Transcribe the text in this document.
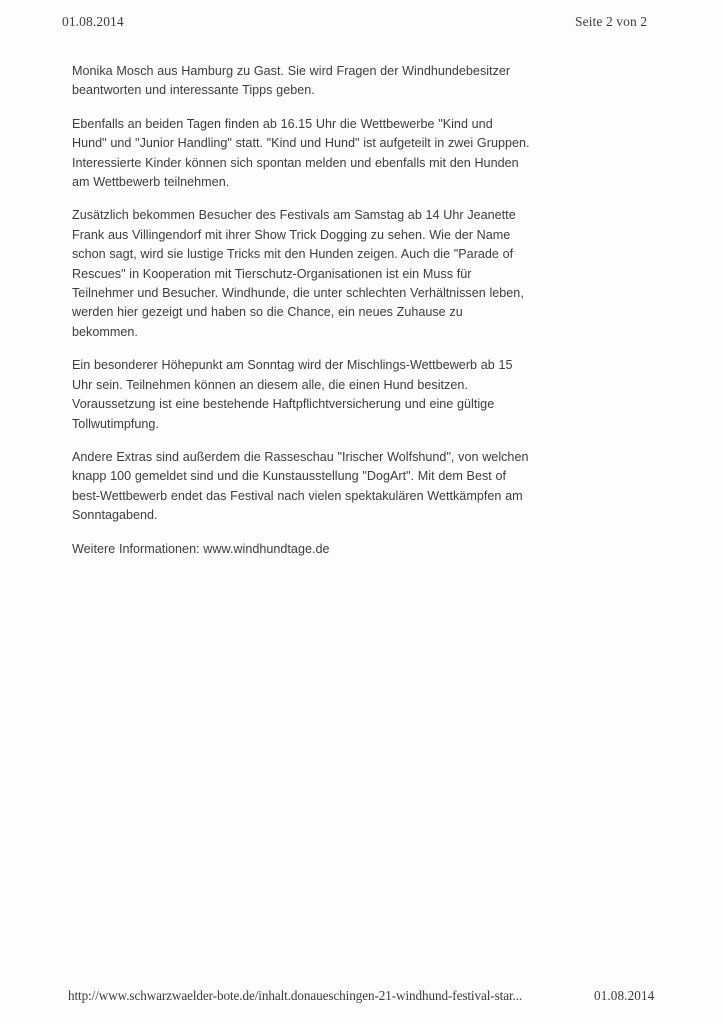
01.08.2014	Seite 2 von 2

Monika Mosch aus Hamburg zu Gast. Sie wird Fragen der Windhundebesitzer beantworten und interessante Tipps geben.

Ebenfalls an beiden Tagen finden ab 16.15 Uhr die Wettbewerbe "Kind und Hund" und "Junior Handling" statt. "Kind und Hund" ist aufgeteilt in zwei Gruppen. Interessierte Kinder können sich spontan melden und ebenfalls mit den Hunden am Wettbewerb teilnehmen.

Zusätzlich bekommen Besucher des Festivals am Samstag ab 14 Uhr Jeanette Frank aus Villingendorf mit ihrer Show Trick Dogging zu sehen. Wie der Name schon sagt, wird sie lustige Tricks mit den Hunden zeigen. Auch die "Parade of Rescues" in Kooperation mit Tierschutz-Organisationen ist ein Muss für Teilnehmer und Besucher. Windhunde, die unter schlechten Verhältnissen leben, werden hier gezeigt und haben so die Chance, ein neues Zuhause zu bekommen.

Ein besonderer Höhepunkt am Sonntag wird der Mischlings-Wettbewerb ab 15 Uhr sein. Teilnehmen können an diesem alle, die einen Hund besitzen. Voraussetzung ist eine bestehende Haftpflichtversicherung und eine gültige Tollwutimpfung.

Andere Extras sind außerdem die Rasseschau "Irischer Wolfshund", von welchen knapp 100 gemeldet sind und die Kunstausstellung "DogArt". Mit dem Best of best-Wettbewerb endet das Festival nach vielen spektakulären Wettkämpfen am Sonntagabend.

Weitere Informationen: www.windhundtage.de

http://www.schwarzwaelder-bote.de/inhalt.donaueschingen-21-windhund-festival-star...	01.08.2014
